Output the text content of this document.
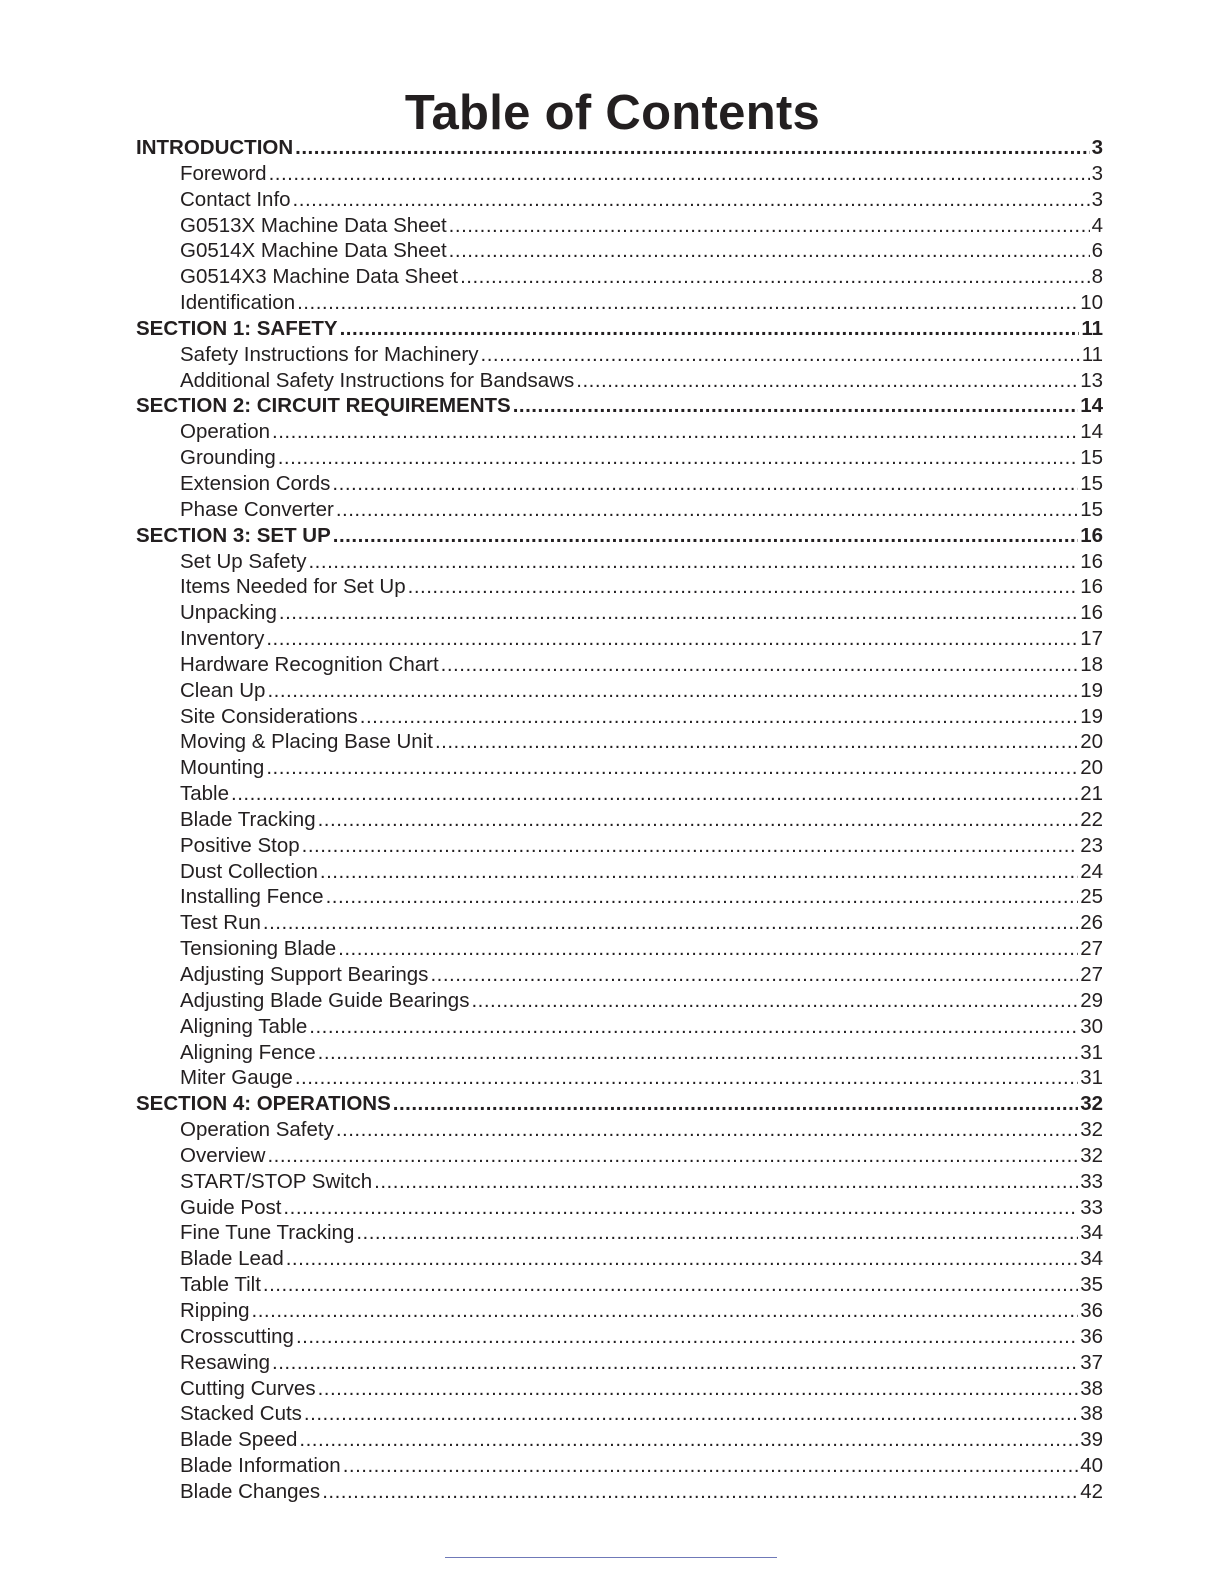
Table of Contents
INTRODUCTION .....	3
Foreword .....	3
Contact Info .....	3
G0513X Machine Data Sheet .....	4
G0514X Machine Data Sheet .....	6
G0514X3 Machine Data Sheet .....	8
Identification .....	10
SECTION 1: SAFETY .....	11
Safety Instructions for Machinery .....	11
Additional Safety Instructions for Bandsaws .....	13
SECTION 2: CIRCUIT REQUIREMENTS .....	14
Operation .....	14
Grounding .....	15
Extension Cords .....	15
Phase Converter .....	15
SECTION 3: SET UP .....	16
Set Up Safety .....	16
Items Needed for Set Up .....	16
Unpacking .....	16
Inventory .....	17
Hardware Recognition Chart .....	18
Clean Up .....	19
Site Considerations .....	19
Moving & Placing Base Unit .....	20
Mounting .....	20
Table .....	21
Blade Tracking .....	22
Positive Stop .....	23
Dust Collection .....	24
Installing Fence .....	25
Test Run .....	26
Tensioning Blade .....	27
Adjusting Support Bearings .....	27
Adjusting Blade Guide Bearings .....	29
Aligning Table .....	30
Aligning Fence .....	31
Miter Gauge .....	31
SECTION 4: OPERATIONS .....	32
Operation Safety .....	32
Overview .....	32
START/STOP Switch .....	33
Guide Post .....	33
Fine Tune Tracking .....	34
Blade Lead .....	34
Table Tilt .....	35
Ripping .....	36
Crosscutting .....	36
Resawing .....	37
Cutting Curves .....	38
Stacked Cuts .....	38
Blade Speed .....	39
Blade Information .....	40
Blade Changes .....	42
